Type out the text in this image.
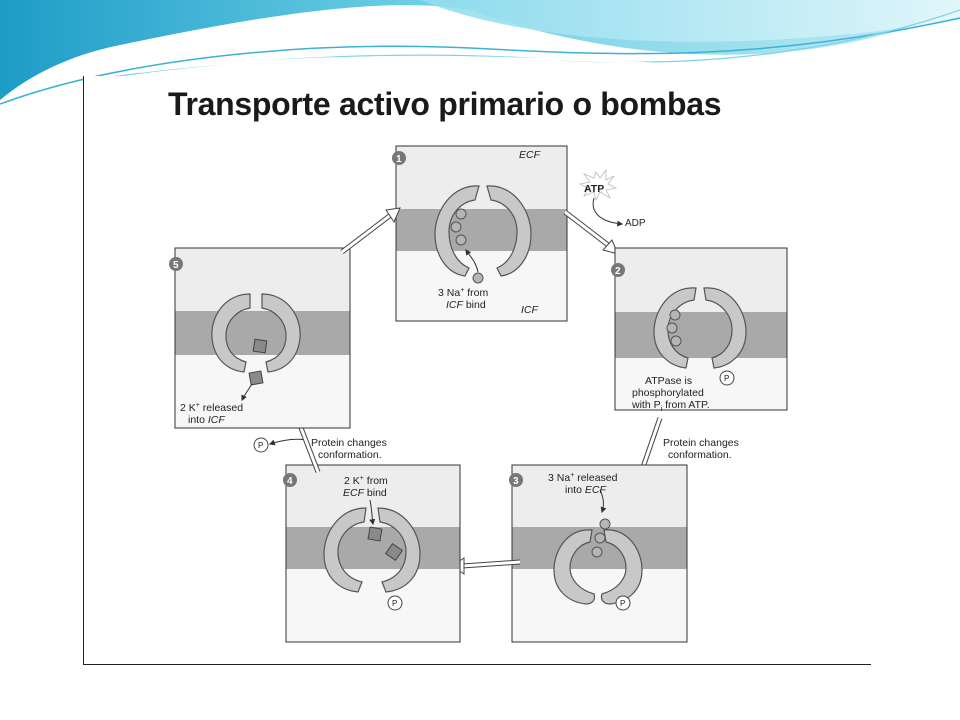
Transporte activo primario o bombas
1	ECF
ICF
3 Na+ from
ICF bind
ATP
ADP
2
P
ATPase is
phosphorylated
with $P_i$ from ATP.
Protein changes
conformation.
3
P
3 Na+ released
into ECF
4
P
2 K+ from
ECF bind
Protein changes
conformation.
P
5
2 K+ released
into ICF
